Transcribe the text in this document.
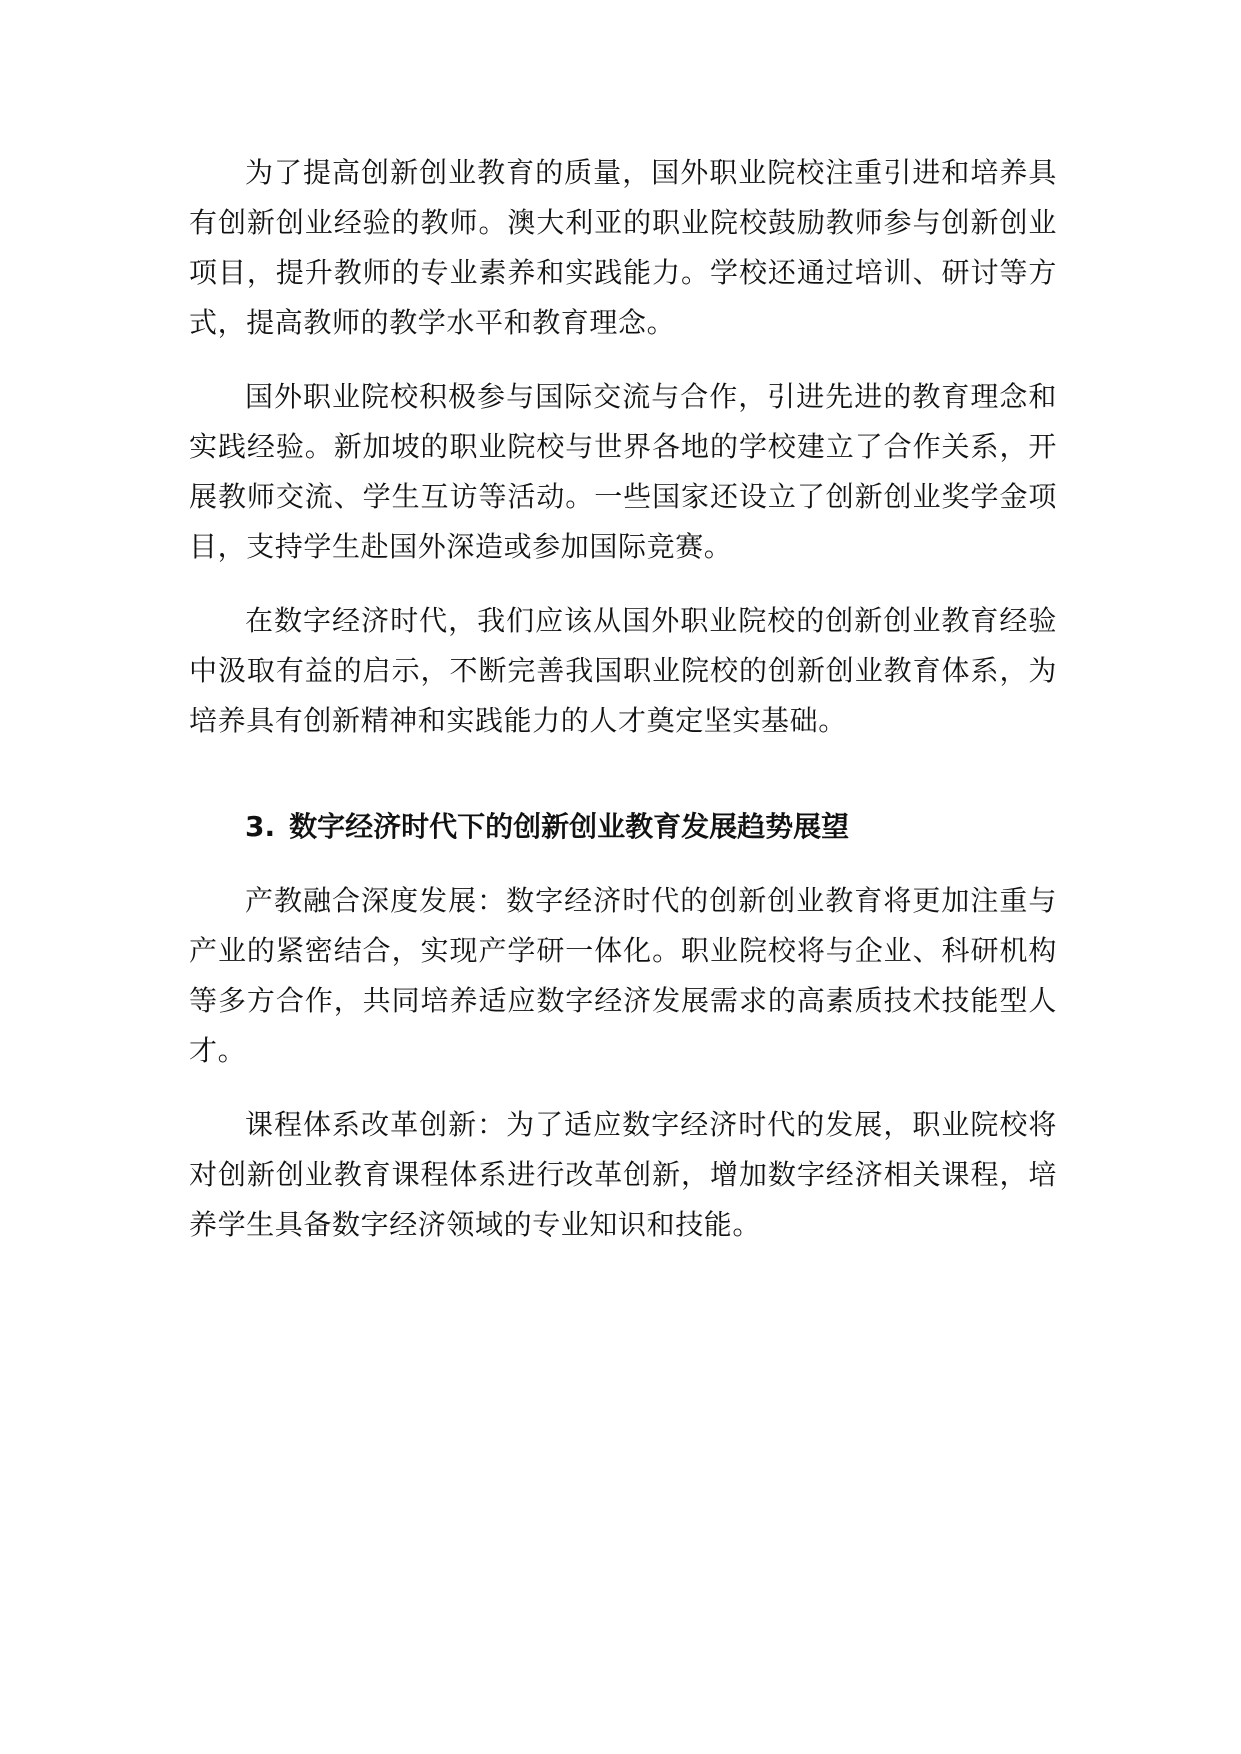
为了提高创新创业教育的质量，国外职业院校注重引进和培养具有创新创业经验的教师。澳大利亚的职业院校鼓励教师参与创新创业项目，提升教师的专业素养和实践能力。学校还通过培训、研讨等方式，提高教师的教学水平和教育理念。

国外职业院校积极参与国际交流与合作，引进先进的教育理念和实践经验。新加坡的职业院校与世界各地的学校建立了合作关系，开展教师交流、学生互访等活动。一些国家还设立了创新创业奖学金项目，支持学生赴国外深造或参加国际竞赛。

在数字经济时代，我们应该从国外职业院校的创新创业教育经验中汲取有益的启示，不断完善我国职业院校的创新创业教育体系，为培养具有创新精神和实践能力的人才奠定坚实基础。

3. 数字经济时代下的创新创业教育发展趋势展望

产教融合深度发展：数字经济时代的创新创业教育将更加注重与产业的紧密结合，实现产学研一体化。职业院校将与企业、科研机构等多方合作，共同培养适应数字经济发展需求的高素质技术技能型人才。

课程体系改革创新：为了适应数字经济时代的发展，职业院校将对创新创业教育课程体系进行改革创新，增加数字经济相关课程，培养学生具备数字经济领域的专业知识和技能。
